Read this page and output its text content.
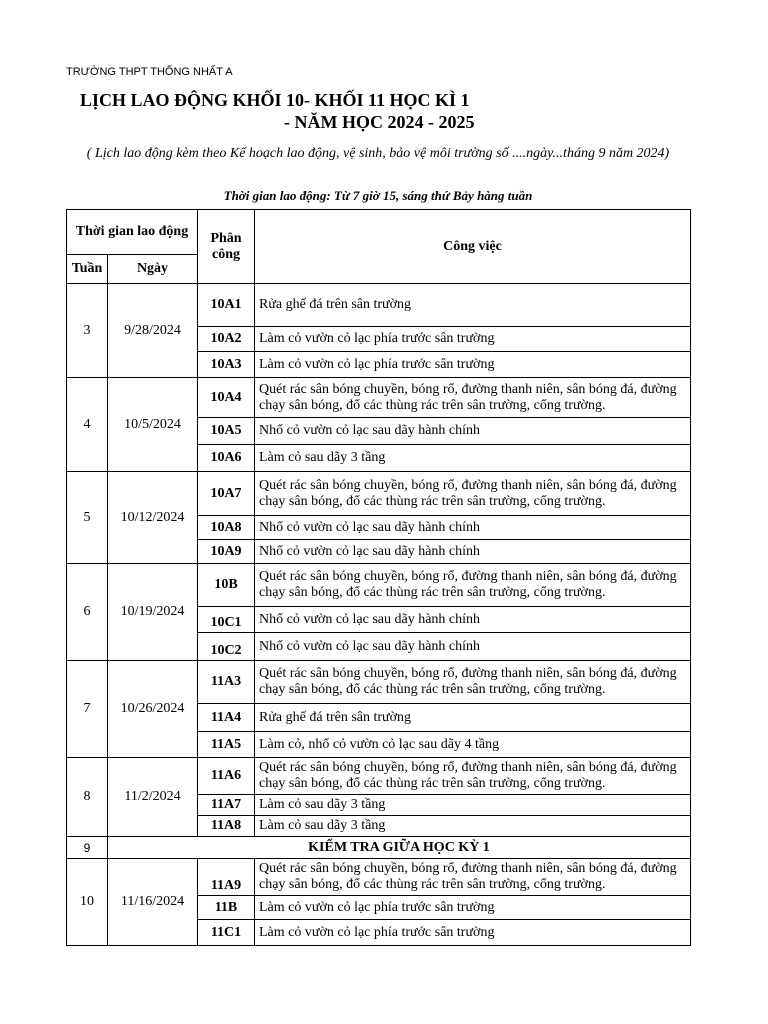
TRƯỜNG THPT THỐNG NHẤT A
LỊCH LAO ĐỘNG KHỐI 10- KHỐI 11 HỌC KÌ 1
- NĂM HỌC 2024 - 2025
( Lịch lao động kèm theo Kế hoạch lao động, vệ sinh, bảo vệ môi trường số ....ngày...tháng 9 năm 2024)
Thời gian lao động: Từ 7 giờ 15, sáng thứ Bảy hàng tuần
Thời gian lao động		Phân công	Công việc
Tuần	Ngày		
3	9/28/2024	10A1	Rửa ghế đá trên sân trường
		10A2	Làm cỏ vườn cỏ lạc phía trước sân trường
		10A3	Làm cỏ vườn cỏ lạc phía trước sân trường
4	10/5/2024	10A4	Quét rác sân bóng chuyền, bóng rổ, đường thanh niên, sân bóng đá, đường chạy sân bóng, đổ các thùng rác trên sân trường, cổng trường.
		10A5	Nhổ cỏ vườn cỏ lạc sau dãy hành chính
		10A6	Làm cỏ sau dãy 3 tầng
5	10/12/2024	10A7	Quét rác sân bóng chuyền, bóng rổ, đường thanh niên, sân bóng đá, đường chạy sân bóng, đổ các thùng rác trên sân trường, cổng trường.
		10A8	Nhổ cỏ vườn cỏ lạc sau dãy hành chính
		10A9	Nhổ cỏ vườn cỏ lạc sau dãy hành chính
6	10/19/2024	10B	Quét rác sân bóng chuyền, bóng rổ, đường thanh niên, sân bóng đá, đường chạy sân bóng, đổ các thùng rác trên sân trường, cổng trường.
		10C1	Nhổ cỏ vườn cỏ lạc sau dãy hành chính
		10C2	Nhổ cỏ vườn cỏ lạc sau dãy hành chính
7	10/26/2024	11A3	Quét rác sân bóng chuyền, bóng rổ, đường thanh niên, sân bóng đá, đường chạy sân bóng, đổ các thùng rác trên sân trường, cổng trường.
		11A4	Rửa ghế đá trên sân trường
		11A5	Làm cỏ, nhổ cỏ vườn cỏ lạc sau dãy 4 tầng
8	11/2/2024	11A6	Quét rác sân bóng chuyền, bóng rổ, đường thanh niên, sân bóng đá, đường chạy sân bóng, đổ các thùng rác trên sân trường, cổng trường.
		11A7	Làm cỏ sau dãy 3 tầng
		11A8	Làm cỏ sau dãy 3 tầng
9	KIỂM TRA GIỮA HỌC KỲ 1		
10	11/16/2024	11A9	Quét rác sân bóng chuyền, bóng rổ, đường thanh niên, sân bóng đá, đường chạy sân bóng, đổ các thùng rác trên sân trường, cổng trường.
		11B	Làm cỏ vườn cỏ lạc phía trước sân trường
		11C1	Làm cỏ vườn cỏ lạc phía trước sân trường
